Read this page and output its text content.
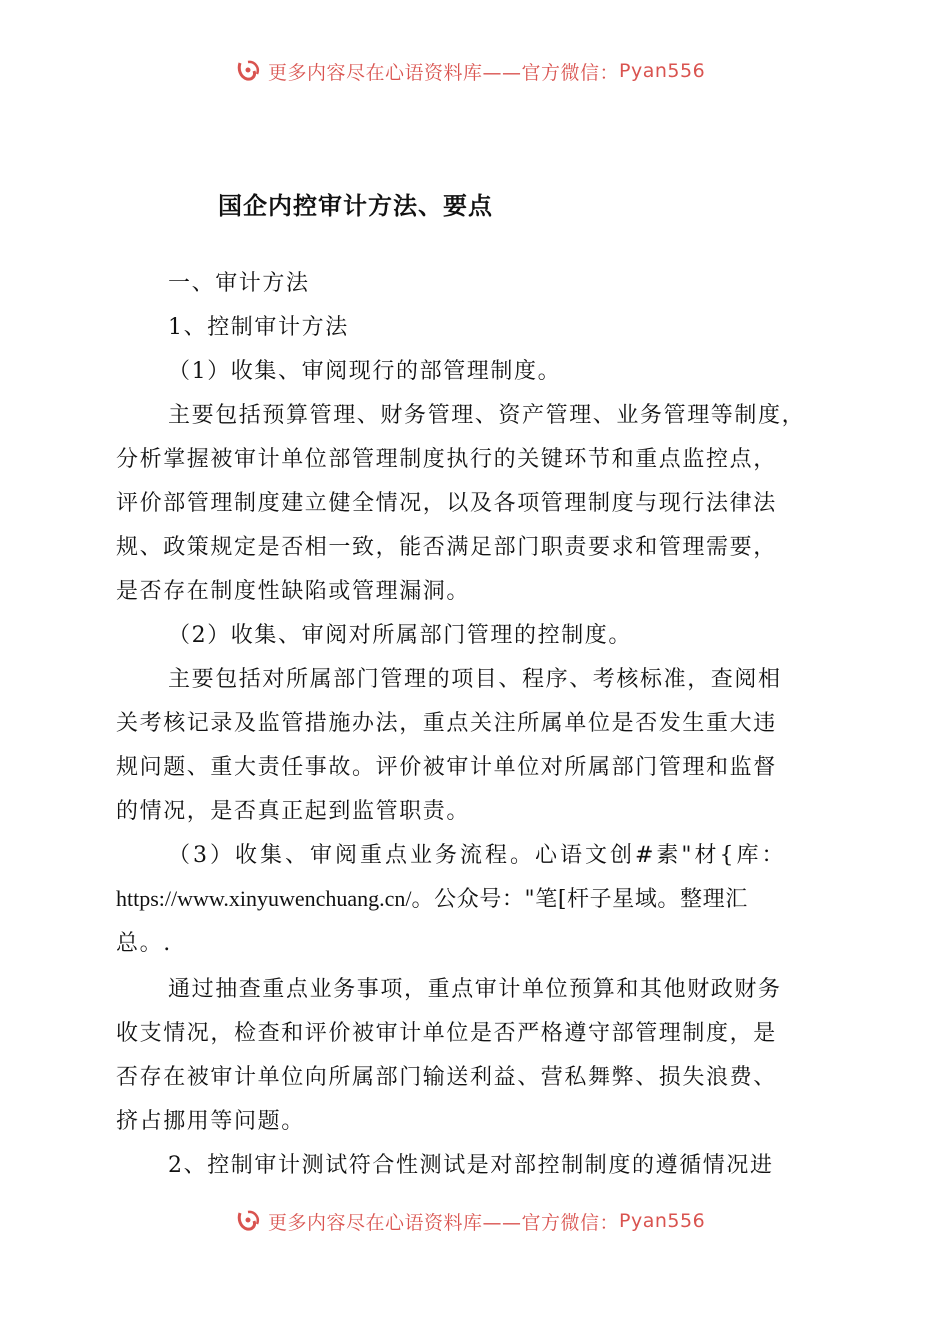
更多内容尽在心语资料库——官方微信： Pyan556
国企内控审计方法、要点
一、审计方法
1、控制审计方法
（1）收集、审阅现行的部管理制度。
主要包括预算管理、财务管理、资产管理、业务管理等制度，
分析掌握被审计单位部管理制度执行的关键环节和重点监控点，
评价部管理制度建立健全情况，以及各项管理制度与现行法律法
规、政策规定是否相一致，能否满足部门职责要求和管理需要，
是否存在制度性缺陷或管理漏洞。
（2）收集、审阅对所属部门管理的控制度。
主要包括对所属部门管理的项目、程序、考核标准，查阅相
关考核记录及监管措施办法，重点关注所属单位是否发生重大违
规问题、重大责任事故。评价被审计单位对所属部门管理和监督
的情况，是否真正起到监管职责。
（3）收集、审阅重点业务流程。心语文创#素"材{库：
https://www.xinyuwenchuang.cn/。公众号："笔[杆子星域。整理汇
总。.
通过抽查重点业务事项，重点审计单位预算和其他财政财务
收支情况，检查和评价被审计单位是否严格遵守部管理制度，是
否存在被审计单位向所属部门输送利益、营私舞弊、损失浪费、
挤占挪用等问题。
2、控制审计测试符合性测试是对部控制制度的遵循情况进
更多内容尽在心语资料库——官方微信： Pyan556
